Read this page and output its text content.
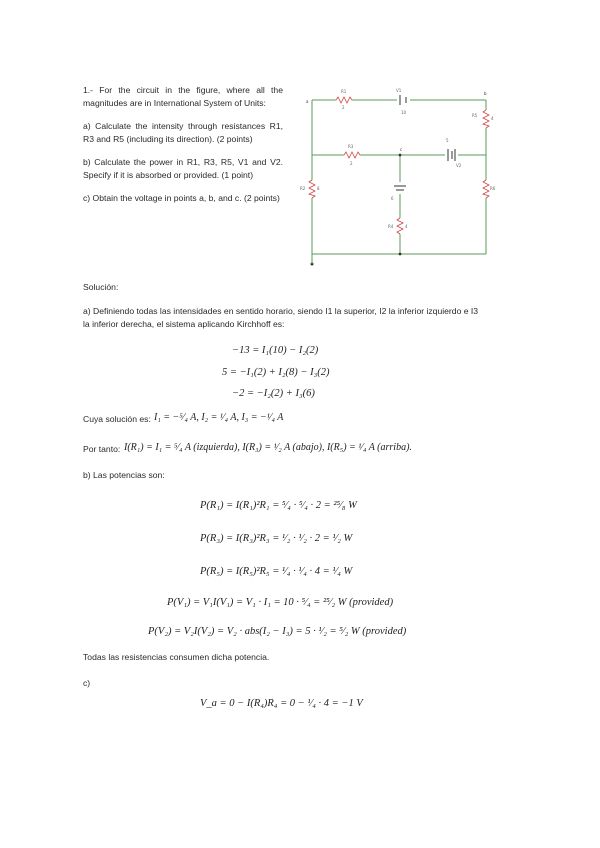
1.- For the circuit in the figure, where all the magnitudes are in International System of Units:
a) Calculate the intensity through resistances R1, R3 and R5 (including its direction). (2 points)
b) Calculate the power in R1, R3, R5, V1 and V2. Specify if it is absorbed or provided. (1 point)
c) Obtain the voltage in points a, b, and c. (2 points)
R1
2
V1
10
R5
4
R3
2
5
V2
R2	8	R6
6
R4	4
a
b
c
Solución:
a) Definiendo todas las intensidades en sentido horario, siendo I1 la superior, I2 la inferior izquierdo e I3 la inferior derecha, el sistema aplicando Kirchhoff es:
−13 = I₁(10) − I₂(2)
5 = −I₁(2) + I₂(8) − I₃(2)
−2 = −I₂(2) + I₃(6)
Cuya solución es: I₁ = −⁵⁄₄ A, I₂ = ¹⁄₄ A, I₃ = −¹⁄₄ A
Por tanto: I(R₁) = I₁ = ⁵⁄₄ A (izquierda), I(R₃) = ¹⁄₂ A (abajo), I(R₅) = ¹⁄₄ A (arriba).
b) Las potencias son:
P(R₁) = I(R₁)²R₁ = ⁵⁄₄ · ⁵⁄₄ · 2 = ²⁵⁄₈ W
P(R₃) = I(R₃)²R₃ = ¹⁄₂ · ¹⁄₂ · 2 = ¹⁄₂ W
P(R₅) = I(R₅)²R₅ = ¹⁄₄ · ¹⁄₄ · 4 = ¹⁄₄ W
P(V₁) = V₁I(V₁) = V₁ · I₁ = 10 · ⁵⁄₄ = ²⁵⁄₂ W (provided)
P(V₂) = V₂I(V₂) = V₂ · abs(I₂ − I₃) = 5 · ¹⁄₂ = ⁵⁄₂ W (provided)
Todas las resistencias consumen dicha potencia.
c)
V_a = 0 − I(R₄)R₄ = 0 − ¹⁄₄ · 4 = −1 V
